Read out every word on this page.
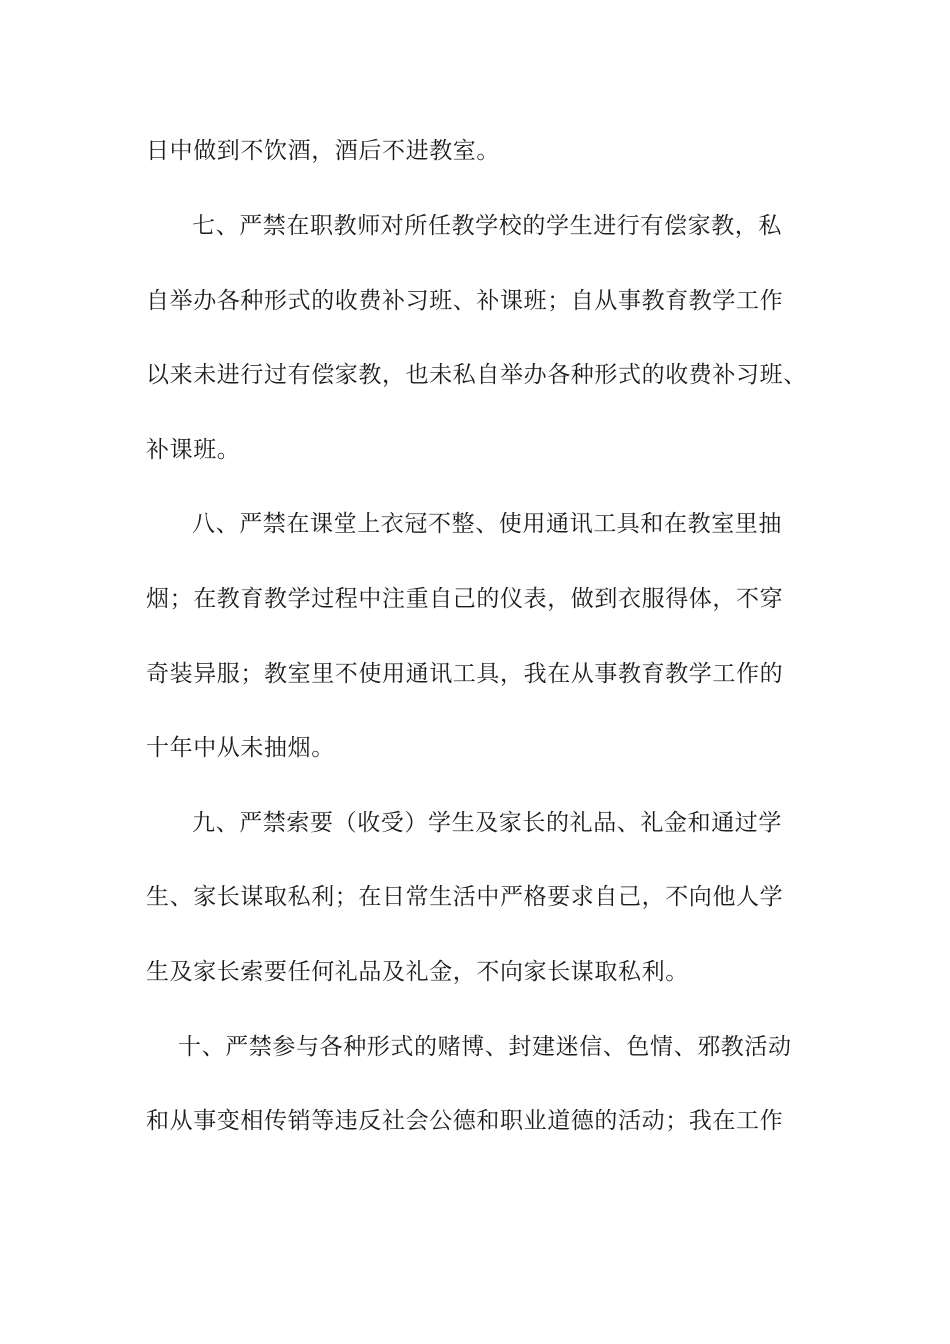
日中做到不饮酒，酒后不进教室。
七、严禁在职教师对所任教学校的学生进行有偿家教，私
自举办各种形式的收费补习班、补课班；自从事教育教学工作
以来未进行过有偿家教，也未私自举办各种形式的收费补习班、
补课班。
八、严禁在课堂上衣冠不整、使用通讯工具和在教室里抽
烟；在教育教学过程中注重自己的仪表，做到衣服得体，不穿
奇装异服；教室里不使用通讯工具，我在从事教育教学工作的
十年中从未抽烟。
九、严禁索要（收受）学生及家长的礼品、礼金和通过学
生、家长谋取私利；在日常生活中严格要求自己，不向他人学
生及家长索要任何礼品及礼金，不向家长谋取私利。
十、严禁参与各种形式的赌博、封建迷信、色情、邪教活动
和从事变相传销等违反社会公德和职业道德的活动；我在工作
